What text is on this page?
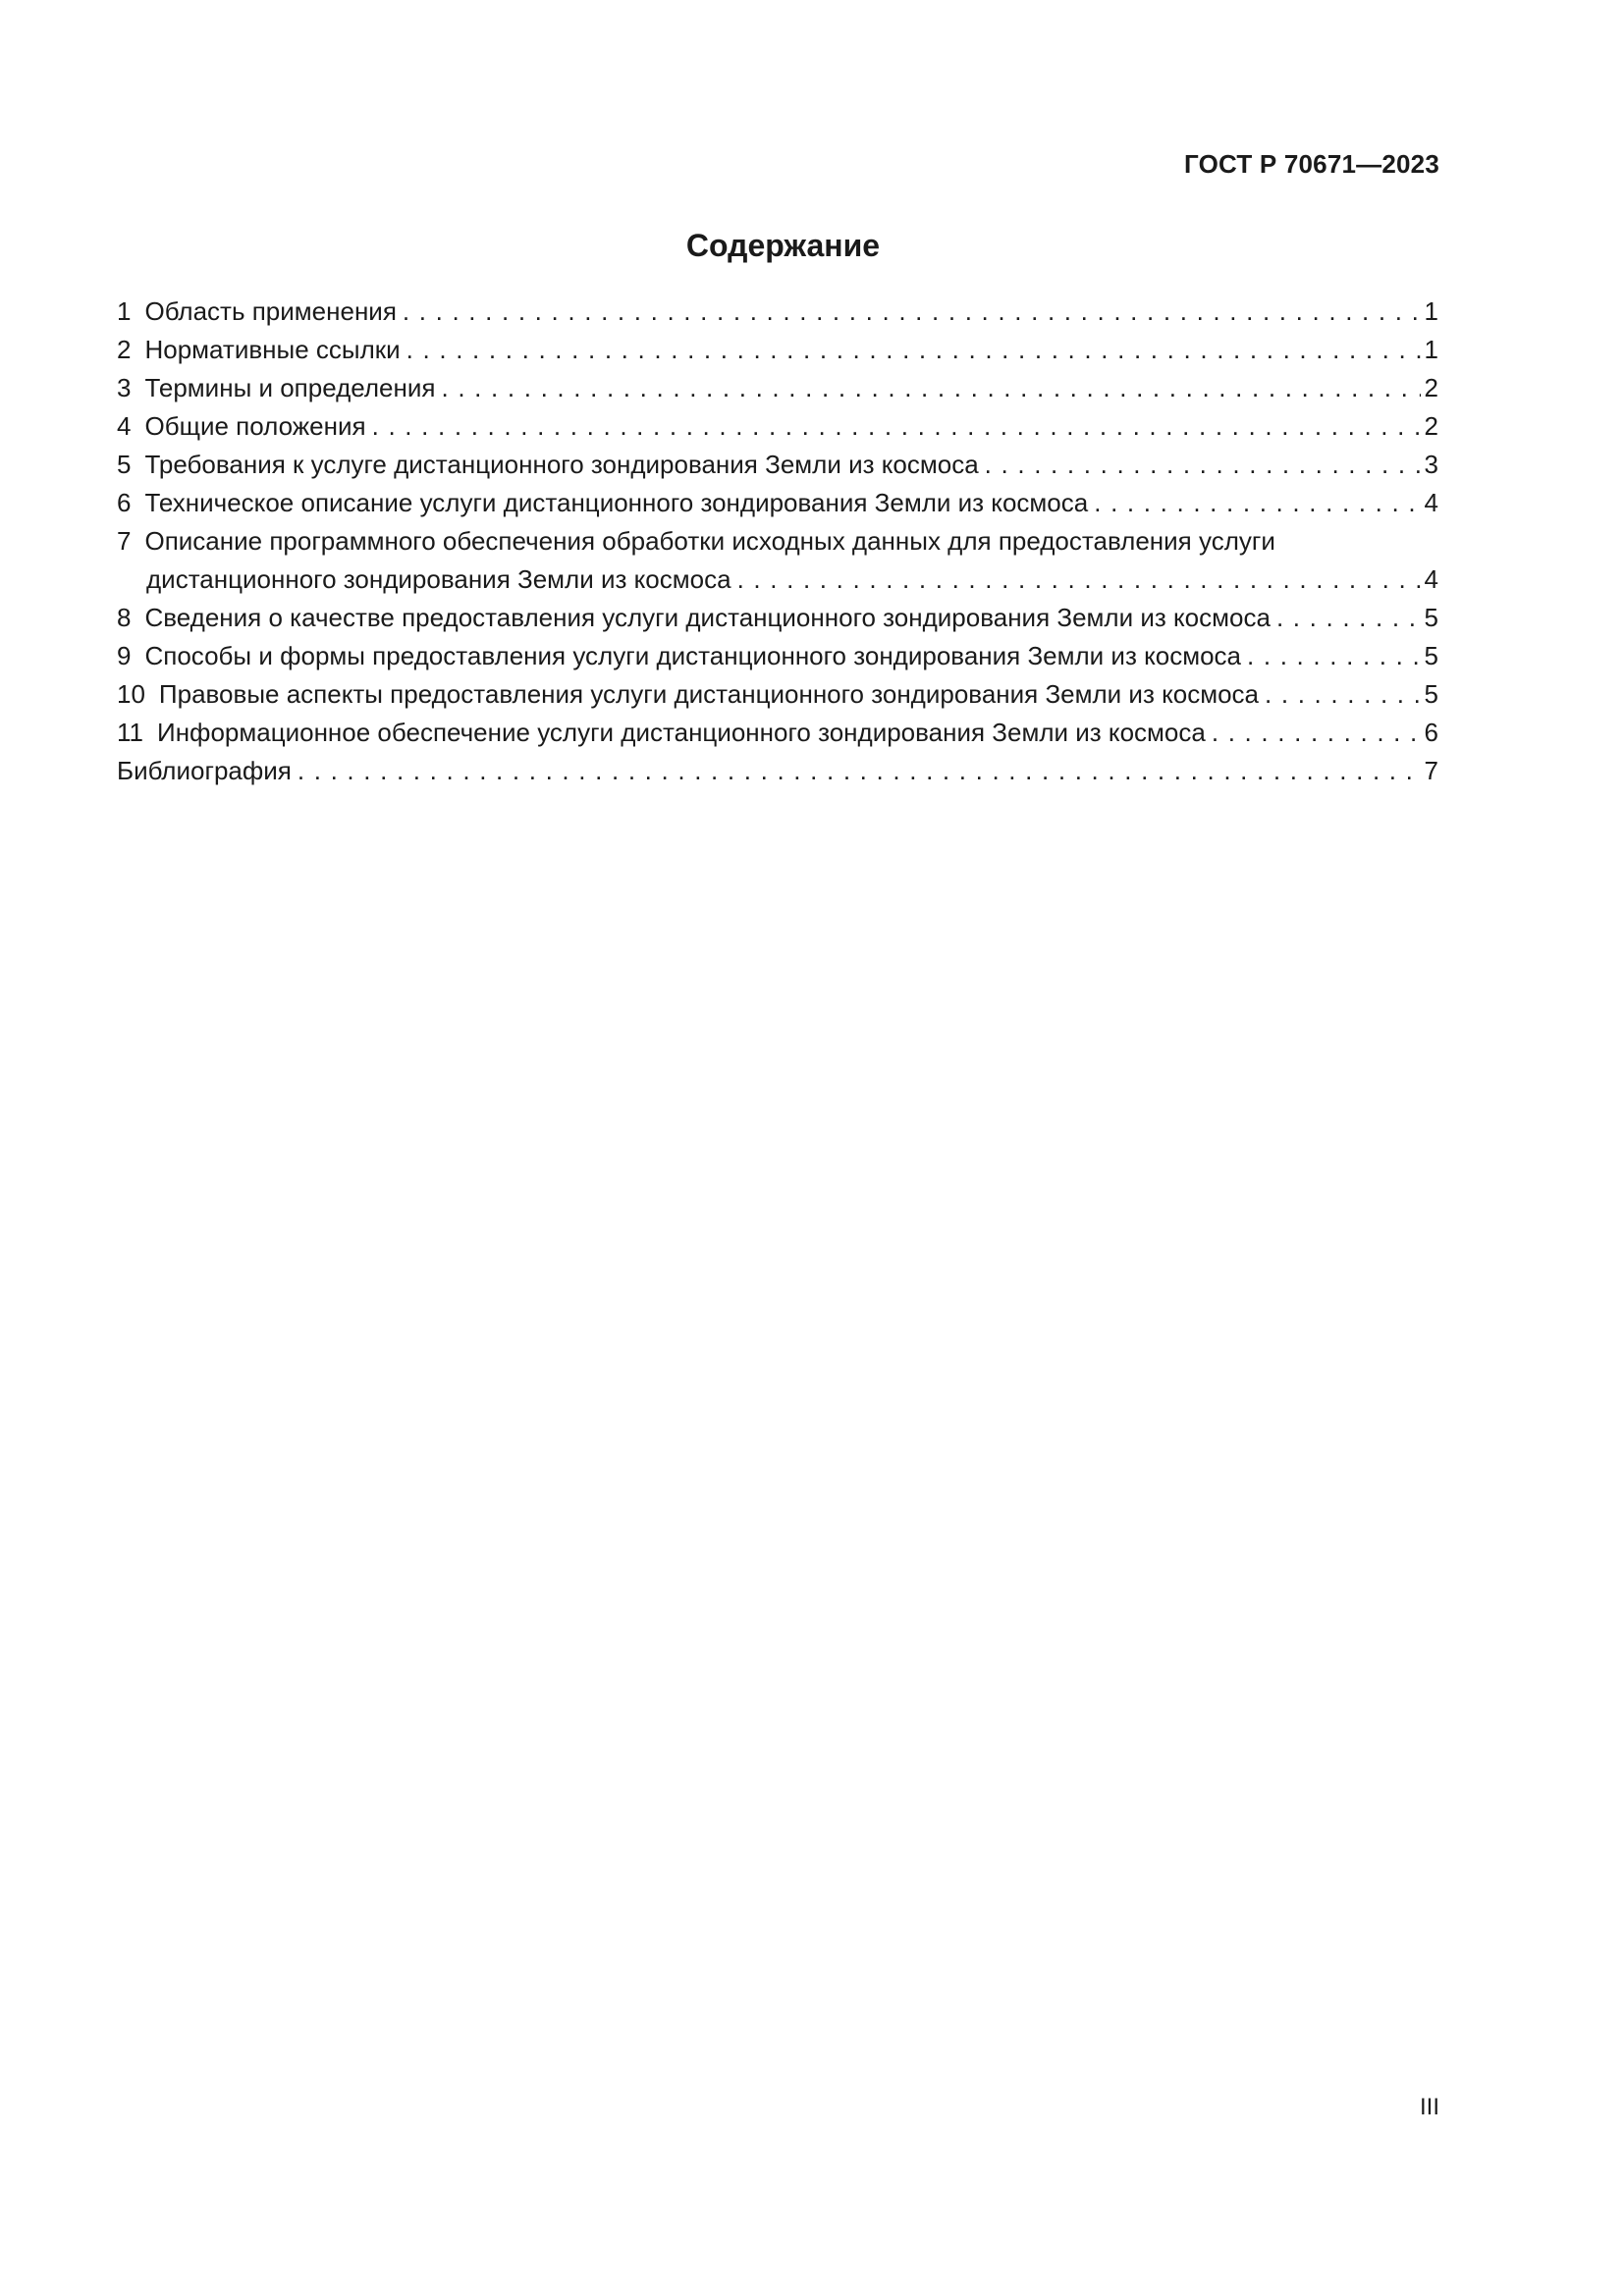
ГОСТ Р 70671—2023
Содержание
1 Область применения . . .	1
2 Нормативные ссылки . . .	1
3 Термины и определения . . .	2
4 Общие положения . . .	2
5 Требования к услуге дистанционного зондирования Земли из космоса . . .	3
6 Техническое описание услуги дистанционного зондирования Земли из космоса . . .	4
7 Описание программного обеспечения обработки исходных данных для предоставления услуги
дистанционного зондирования Земли из космоса . . .	4
8 Сведения о качестве предоставления услуги дистанционного зондирования Земли из космоса . . .	5
9 Способы и формы предоставления услуги дистанционного зондирования Земли из космоса . . .	5
10 Правовые аспекты предоставления услуги дистанционного зондирования Земли из космоса . . .	5
11 Информационное обеспечение услуги дистанционного зондирования Земли из космоса . . .	6
Библиография . . .	7
III
